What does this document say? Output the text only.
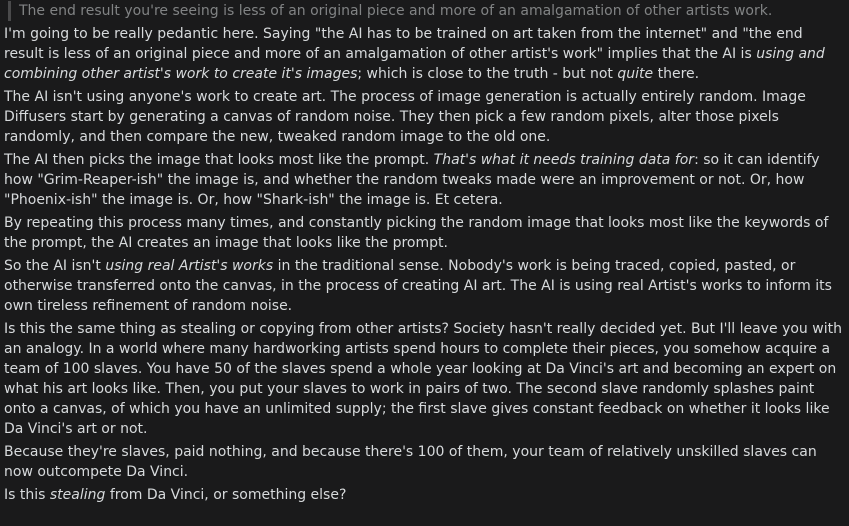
The end result you're seeing is less of an original piece and more of an amalgamation of other artists work.

I'm going to be really pedantic here. Saying "the AI has to be trained on art taken from the internet" and "the end result is less of an original piece and more of an amalgamation of other artist's work" implies that the AI is using and combining other artist's work to create it's images; which is close to the truth - but not quite there.

The AI isn't using anyone's work to create art. The process of image generation is actually entirely random. Image Diffusers start by generating a canvas of random noise. They then pick a few random pixels, alter those pixels randomly, and then compare the new, tweaked random image to the old one.

The AI then picks the image that looks most like the prompt. That's what it needs training data for: so it can identify how "Grim-Reaper-ish" the image is, and whether the random tweaks made were an improvement or not. Or, how "Phoenix-ish" the image is. Or, how "Shark-ish" the image is. Et cetera.

By repeating this process many times, and constantly picking the random image that looks most like the keywords of the prompt, the AI creates an image that looks like the prompt.

So the AI isn't using real Artist's works in the traditional sense. Nobody's work is being traced, copied, pasted, or otherwise transferred onto the canvas, in the process of creating AI art. The AI is using real Artist's works to inform its own tireless refinement of random noise.

Is this the same thing as stealing or copying from other artists? Society hasn't really decided yet. But I'll leave you with an analogy. In a world where many hardworking artists spend hours to complete their pieces, you somehow acquire a team of 100 slaves. You have 50 of the slaves spend a whole year looking at Da Vinci's art and becoming an expert on what his art looks like. Then, you put your slaves to work in pairs of two. The second slave randomly splashes paint onto a canvas, of which you have an unlimited supply; the first slave gives constant feedback on whether it looks like Da Vinci's art or not.

Because they're slaves, paid nothing, and because there's 100 of them, your team of relatively unskilled slaves can now outcompete Da Vinci.

Is this stealing from Da Vinci, or something else?
